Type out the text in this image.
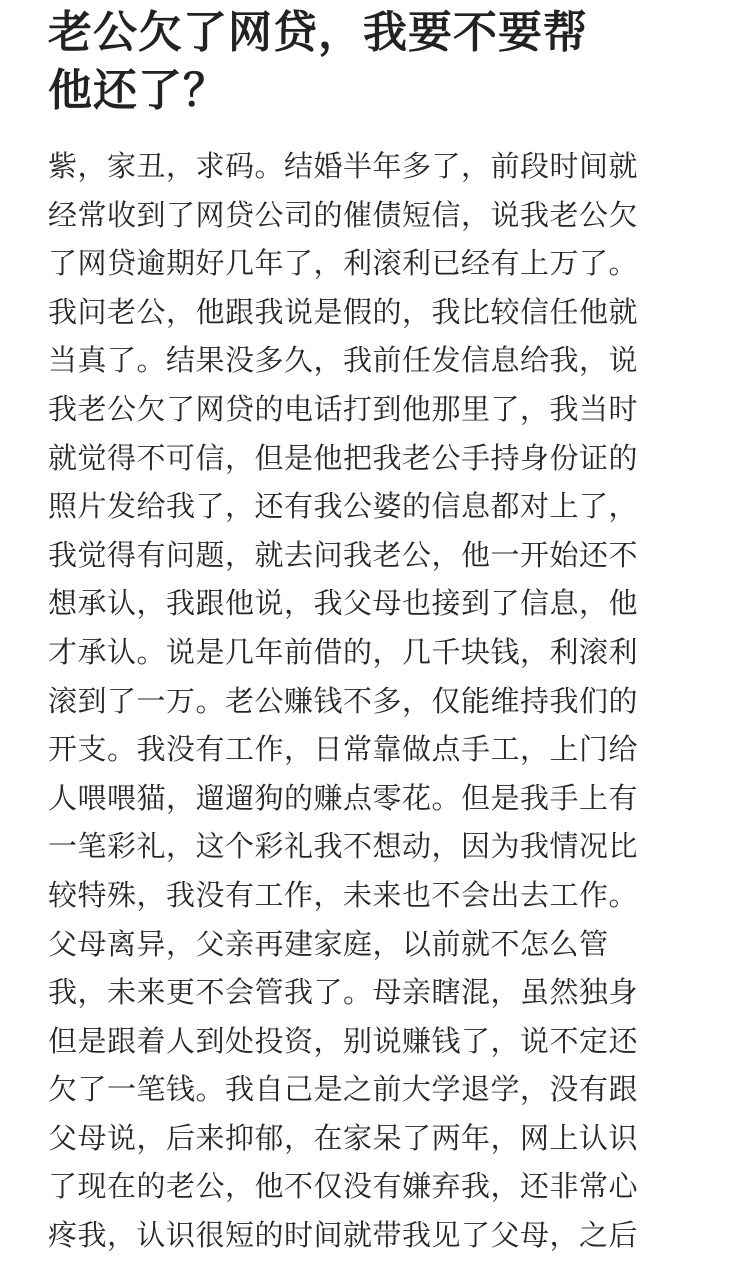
老公欠了网贷，我要不要帮
他还了？
紫，家丑，求码。结婚半年多了，前段时间就
经常收到了网贷公司的催债短信，说我老公欠
了网贷逾期好几年了，利滚利已经有上万了。
我问老公，他跟我说是假的，我比较信任他就
当真了。结果没多久，我前任发信息给我，说
我老公欠了网贷的电话打到他那里了，我当时
就觉得不可信，但是他把我老公手持身份证的
照片发给我了，还有我公婆的信息都对上了，
我觉得有问题，就去问我老公，他一开始还不
想承认，我跟他说，我父母也接到了信息，他
才承认。说是几年前借的，几千块钱，利滚利
滚到了一万。老公赚钱不多，仅能维持我们的
开支。我没有工作，日常靠做点手工，上门给
人喂喂猫，遛遛狗的赚点零花。但是我手上有
一笔彩礼，这个彩礼我不想动，因为我情况比
较特殊，我没有工作，未来也不会出去工作。
父母离异，父亲再建家庭，以前就不怎么管
我，未来更不会管我了。母亲瞎混，虽然独身
但是跟着人到处投资，别说赚钱了，说不定还
欠了一笔钱。我自己是之前大学退学，没有跟
父母说，后来抑郁，在家呆了两年，网上认识
了现在的老公，他不仅没有嫌弃我，还非常心
疼我，认识很短的时间就带我见了父母，之后
